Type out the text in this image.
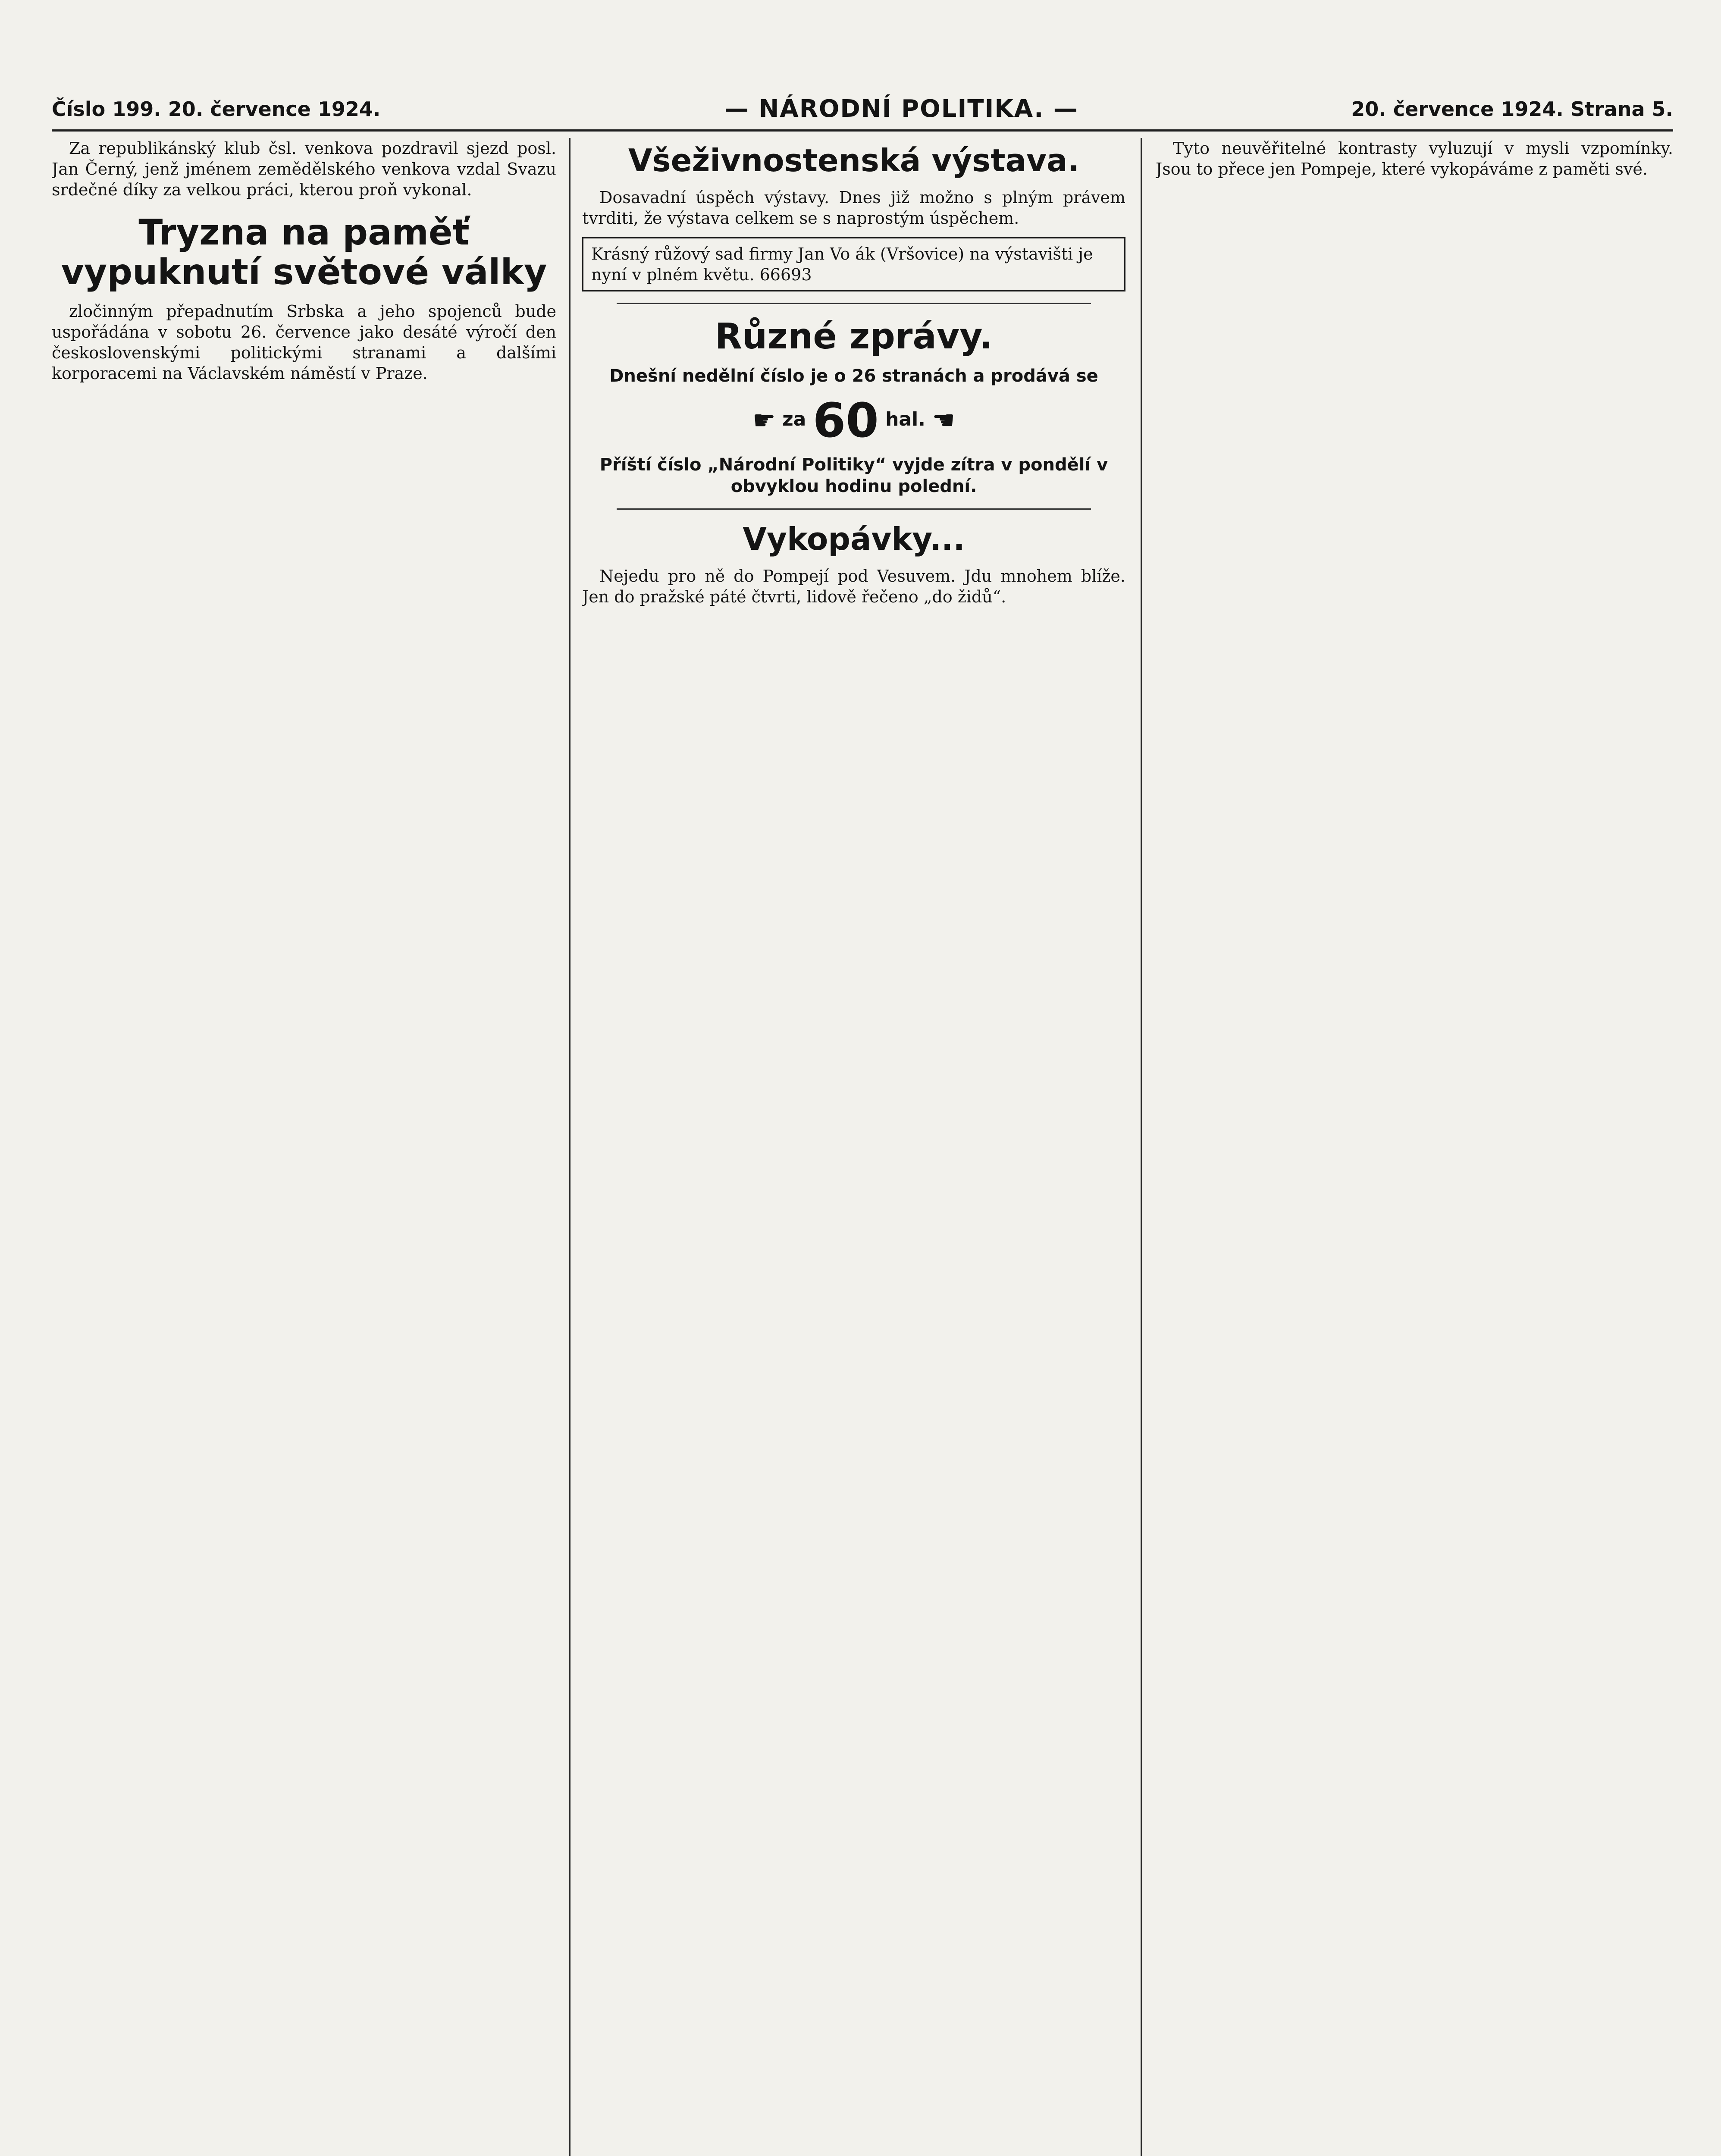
Číslo 199. 20. července 1924.	— NÁRODNÍ POLITIKA. —	20. července 1924. Strana 5.

Za republikánský klub čsl. venkova pozdravil sjezd posl. Jan Černý, jenž jménem zemědělského venkova vzdal Svazu srdečné díky za velkou práci, kterou proň vykonal.

Tryzna na paměť vypuknutí světové války

zločinným přepadnutím Srbska a jeho spojenců bude uspořádána v sobotu 26. července jako desáté výročí den československými politickými stranami a dalšími korporacemi na Václavském náměstí v Praze.

Všeživnostenská výstava.

Dosavadní úspěch výstavy. Dnes již možno s plným právem tvrditi, že výstava celkem se s naprostým úspěchem.

Krásný růžový sad firmy Jan Vo ák (Vršovice) na výstavišti je nyní v plném květu. 66693
Různé zprávy.
Dnešní nedělní číslo je o 26 stranách a prodává se
☛ za 60 hal. ☚
Příští číslo „Národní Politiky“ vyjde zítra v pondělí v obvyklou hodinu polední.
Vykopávky...

Nejedu pro ně do Pompejí pod Vesuvem. Jdu mnohem blíže. Jen do pražské páté čtvrti, lidově řečeno „do židů“.

Tyto neuvěřitelné kontrasty vyluzují v mysli vzpomínky. Jsou to přece jen Pompeje, které vykopáváme z paměti své.
